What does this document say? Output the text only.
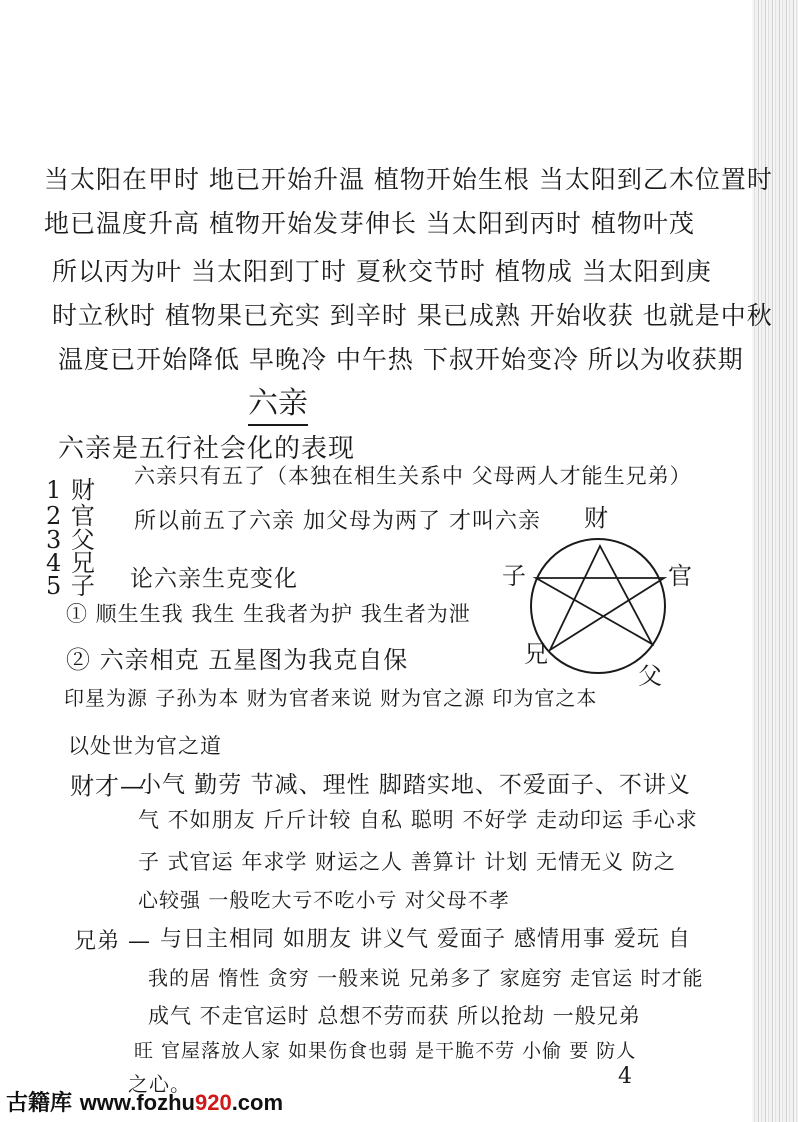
当太阳在甲时 地已开始升温 植物开始生根 当太阳到乙木位置时
地已温度升高 植物开始发芽伸长 当太阳到丙时 植物叶茂
所以丙为叶 当太阳到丁时 夏秋交节时 植物成 当太阳到庚
时立秋时 植物果已充实 到辛时 果已成熟 开始收获 也就是中秋
温度已开始降低 早晚冷 中午热 下叔开始变冷 所以为收获期
六亲
六亲是五行社会化的表现
1 财
2 官
3 父
4 兄
5 子
六亲只有五了（本独在相生关系中 父母两人才能生兄弟）
所以前五了六亲 加父母为两了 才叫六亲
论六亲生克变化
① 顺生生我 我生 生我者为护 我生者为泄
② 六亲相克 五星图为我克自保
印星为源 子孙为本 财为官者来说 财为官之源 印为官之本
以处世为官之道
财
官
父
兄
子
财才—
小气 勤劳 节减、理性 脚踏实地、不爱面子、不讲义
气 不如朋友 斤斤计较 自私 聪明 不好学 走动印运 手心求
子 式官运 年求学 财运之人 善算计 计划 无情无义 防之
心较强 一般吃大亏不吃小亏 对父母不孝
兄弟 — 与日主相同 如朋友 讲义气 爱面子 感情用事 爱玩 自
我的居 惰性 贪穷 一般来说 兄弟多了 家庭穷 走官运 时才能
成气 不走官运时 总想不劳而获 所以抢劫 一般兄弟
旺 官屋落放人家 如果伤食也弱 是干脆不劳 小偷 要 防人
之心。	4
古籍库 www.fozhu920.com
